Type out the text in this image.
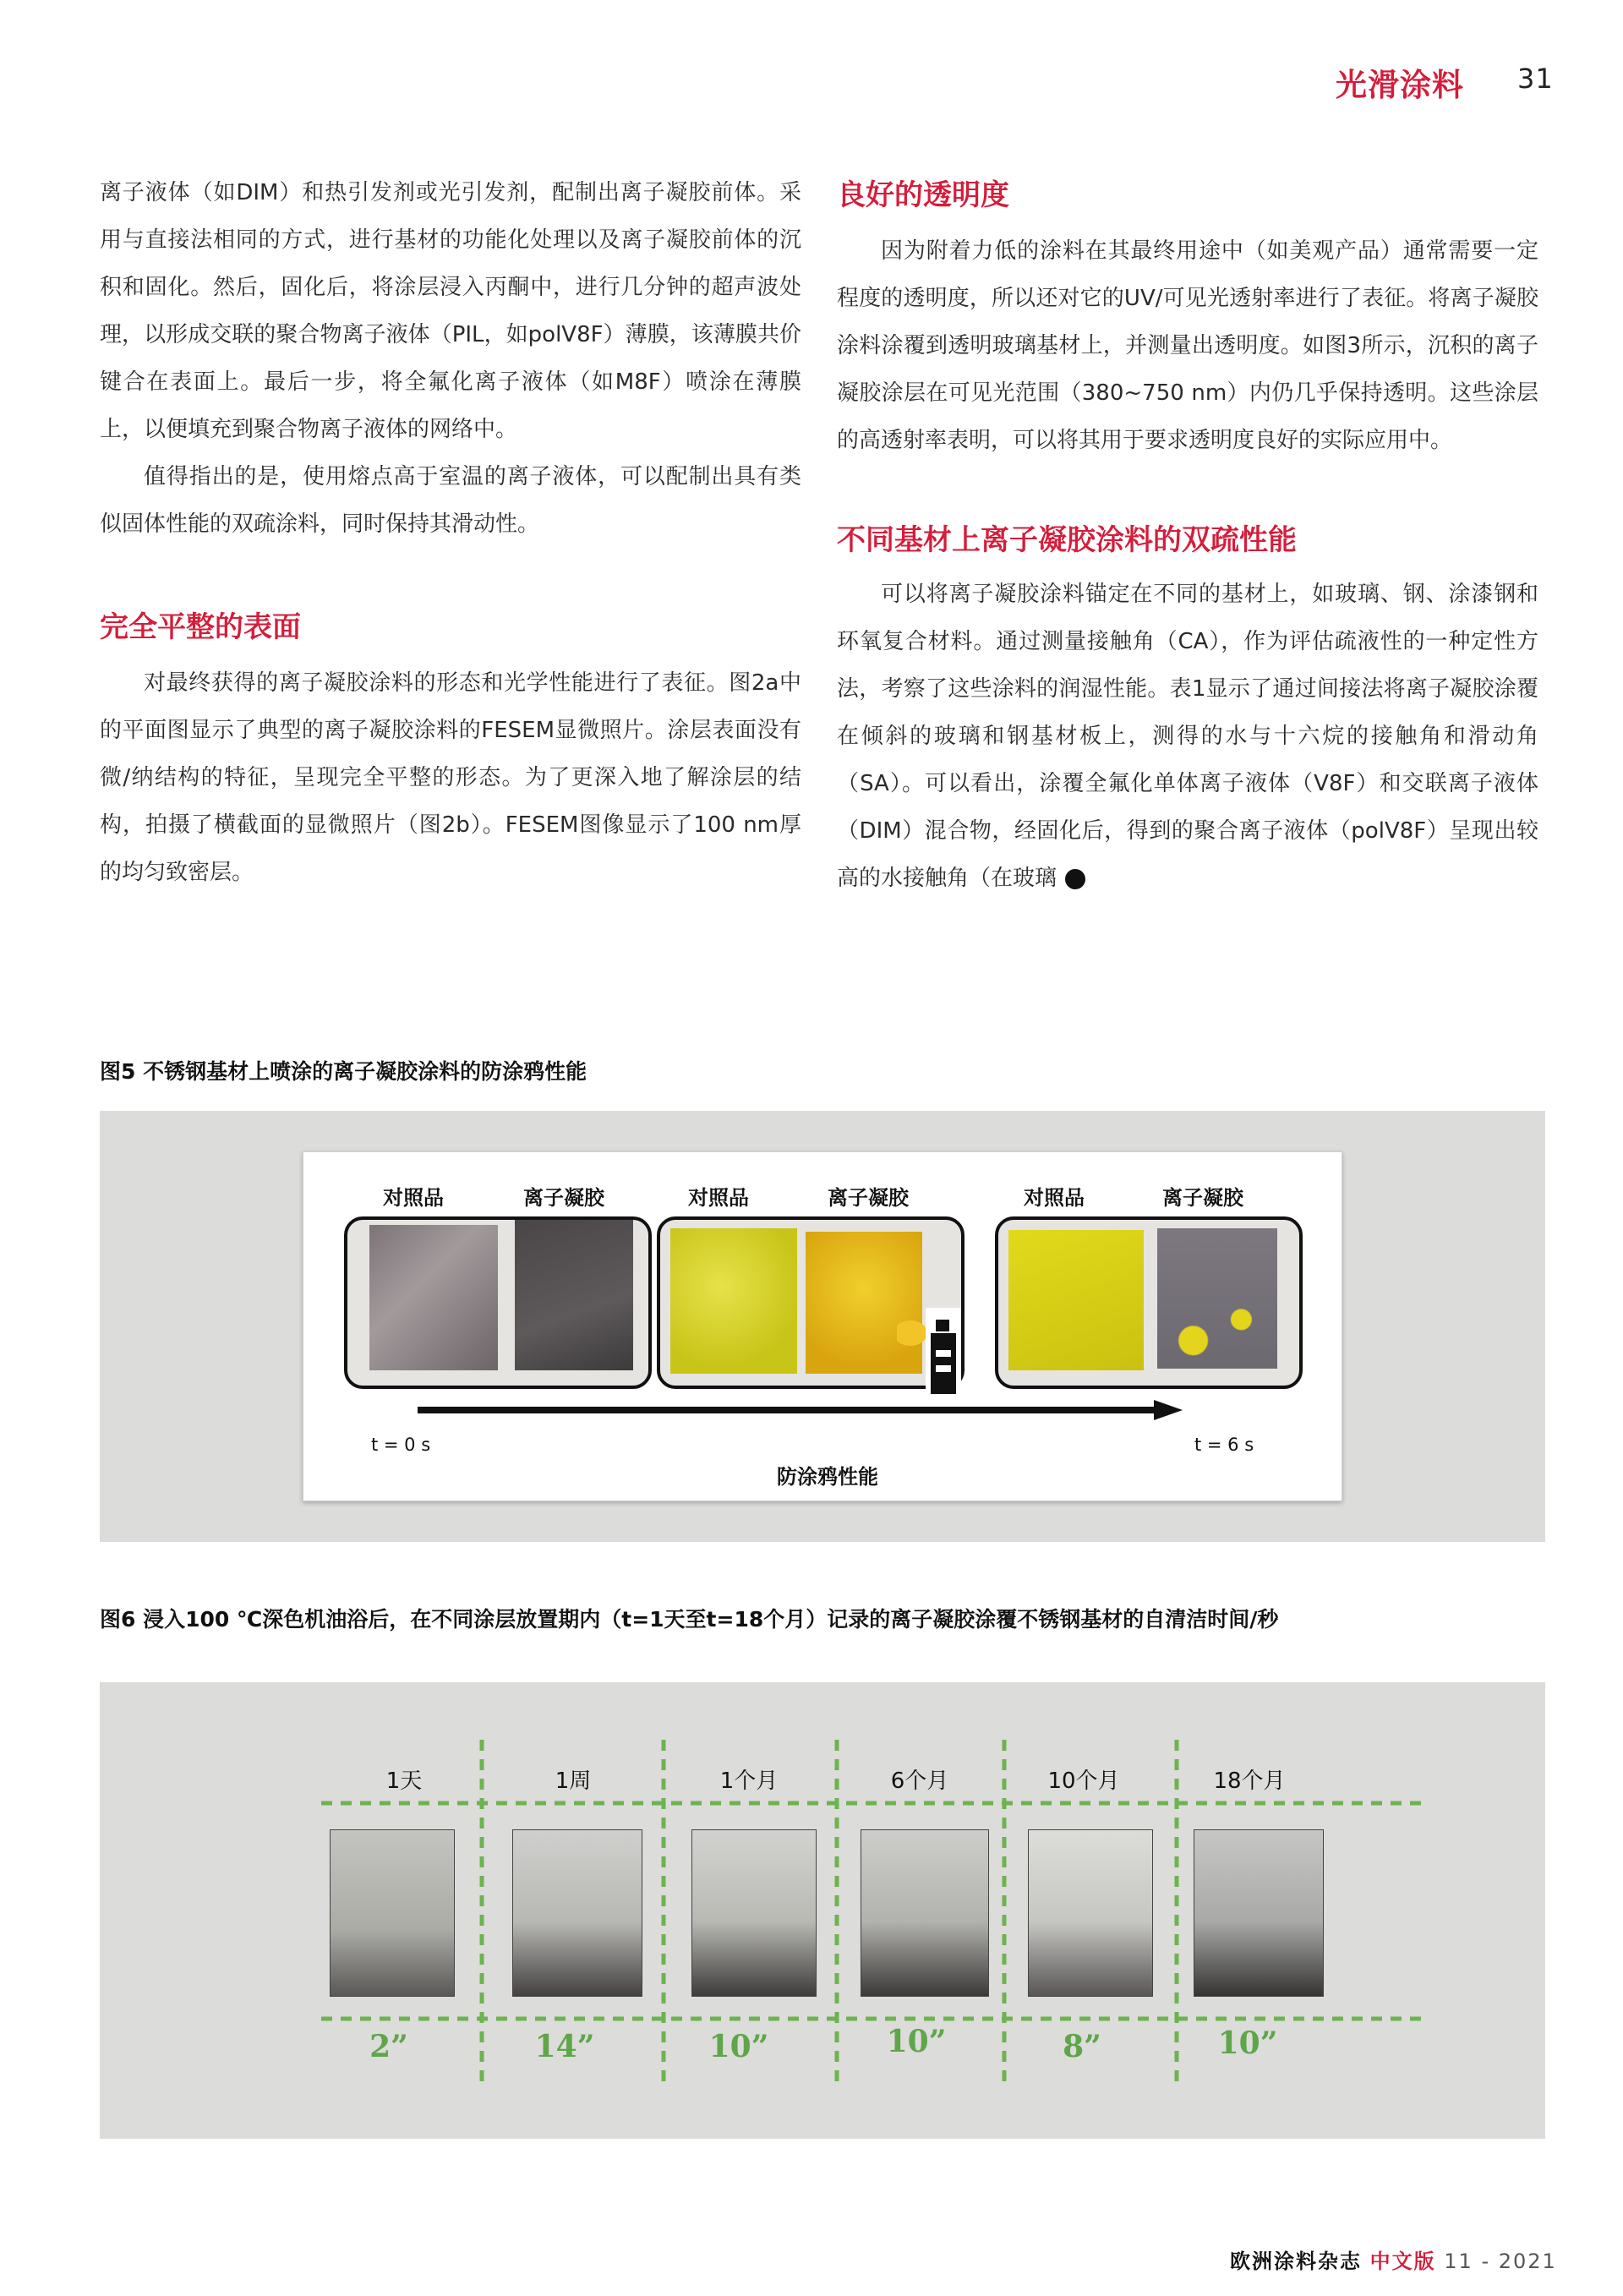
光滑涂料 31

离子液体（如DIM）和热引发剂或光引发剂，配制出离子凝胶前体。采用与直接法相同的方式，进行基材的功能化处理以及离子凝胶前体的沉积和固化。然后，固化后，将涂层浸入丙酮中，进行几分钟的超声波处理，以形成交联的聚合物离子液体（PIL，如polV8F）薄膜，该薄膜共价键合在表面上。最后一步，将全氟化离子液体（如M8F）喷涂在薄膜上，以便填充到聚合物离子液体的网络中。

值得指出的是，使用熔点高于室温的离子液体，可以配制出具有类似固体性能的双疏涂料，同时保持其滑动性。

完全平整的表面

对最终获得的离子凝胶涂料的形态和光学性能进行了表征。图2a中的平面图显示了典型的离子凝胶涂料的FESEM显微照片。涂层表面没有微/纳结构的特征，呈现完全平整的形态。为了更深入地了解涂层的结构，拍摄了横截面的显微照片（图2b）。FESEM图像显示了100 nm厚的均匀致密层。

良好的透明度

因为附着力低的涂料在其最终用途中（如美观产品）通常需要一定程度的透明度，所以还对它的UV/可见光透射率进行了表征。将离子凝胶涂料涂覆到透明玻璃基材上，并测量出透明度。如图3所示，沉积的离子凝胶涂层在可见光范围（380~750 nm）内仍几乎保持透明。这些涂层的高透射率表明，可以将其用于要求透明度良好的实际应用中。

不同基材上离子凝胶涂料的双疏性能

可以将离子凝胶涂料锚定在不同的基材上，如玻璃、钢、涂漆钢和环氧复合材料。通过测量接触角（CA），作为评估疏液性的一种定性方法，考察了这些涂料的润湿性能。表1显示了通过间接法将离子凝胶涂覆在倾斜的玻璃和钢基材板上，测得的水与十六烷的接触角和滑动角（SA）。可以看出，涂覆全氟化单体离子液体（V8F）和交联离子液体（DIM）混合物，经固化后，得到的聚合离子液体（polV8F）呈现出较高的水接触角（在玻璃	❯

图5 不锈钢基材上喷涂的离子凝胶涂料的防涂鸦性能
对照品	离子凝胶	对照品	离子凝胶	对照品	离子凝胶
t = 0 s	t = 6 s
防涂鸦性能
图6 浸入100 ℃深色机油浴后，在不同涂层放置期内（t=1天至t=18个月）记录的离子凝胶涂覆不锈钢基材的自清洁时间/秒
1天	1周	1个月	6个月	10个月	18个月
2”	14”	10”	10”	8”	10”
欧洲涂料杂志 中文版 11 - 2021
